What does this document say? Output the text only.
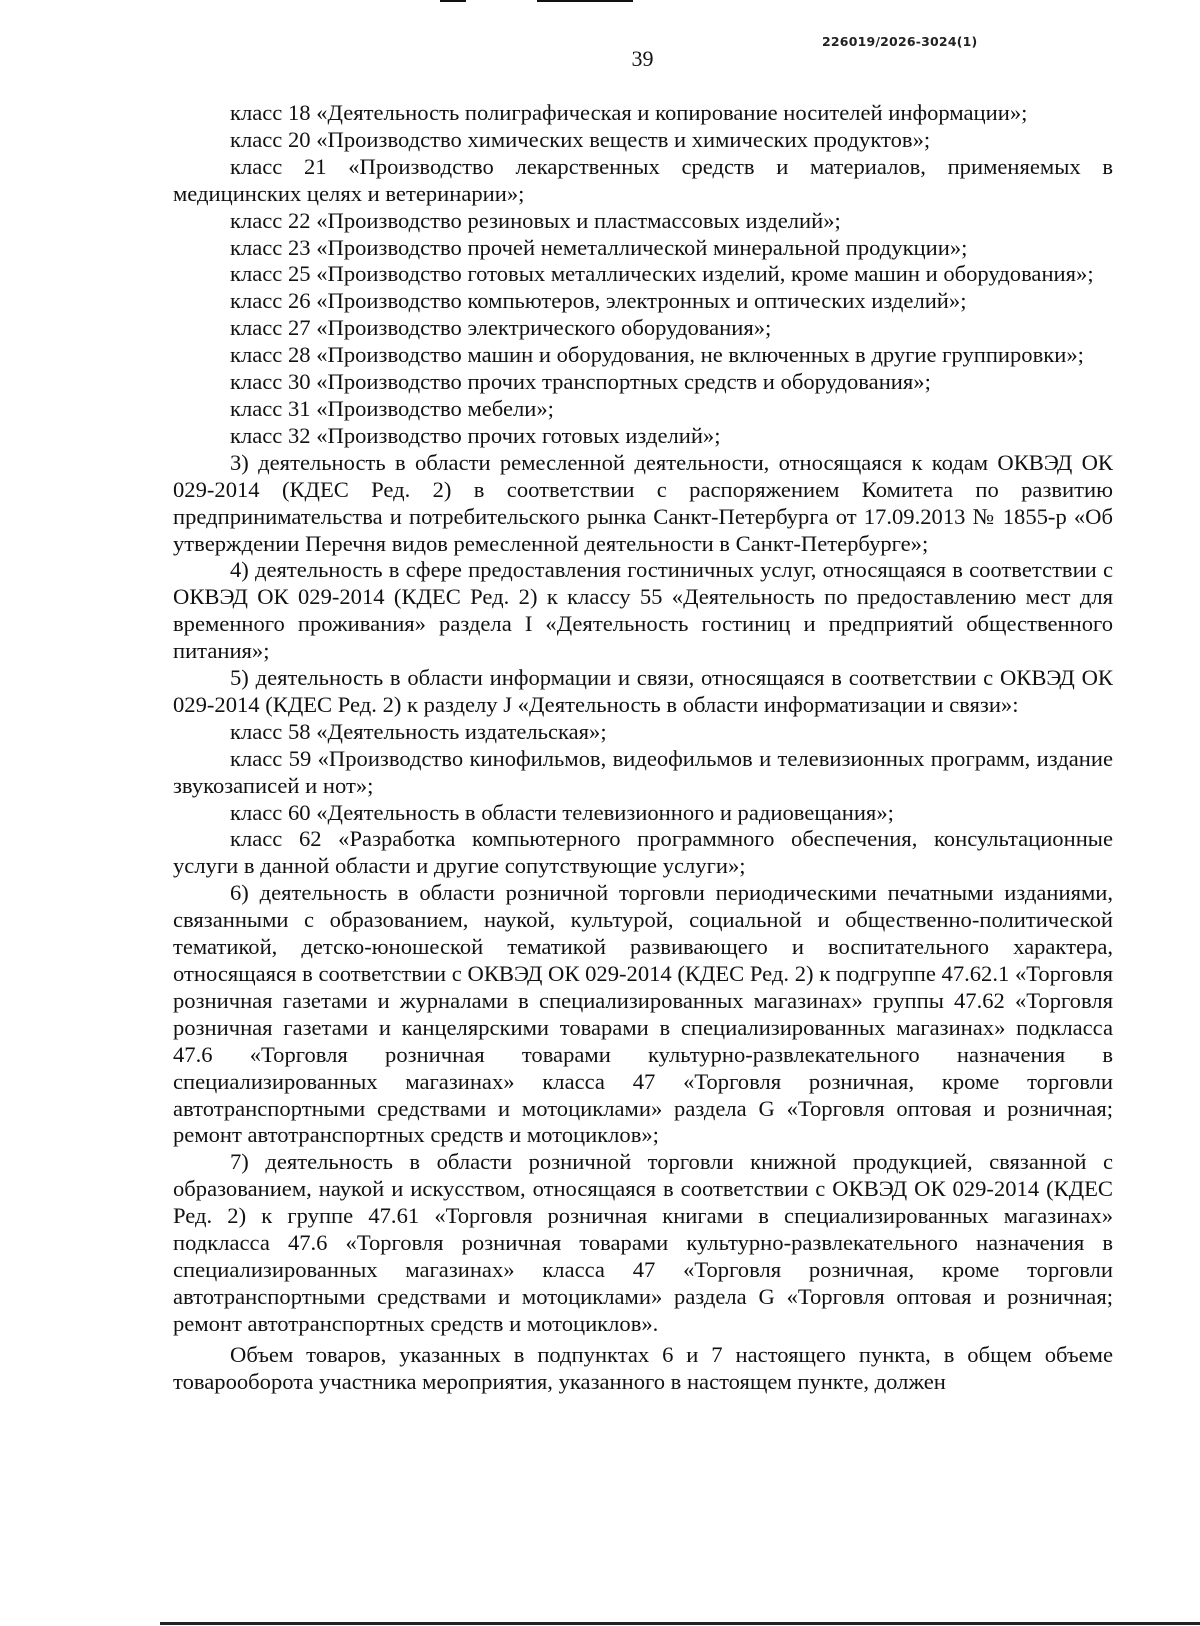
226019/2026-3024(1)
39

класс 18 «Деятельность полиграфическая и копирование носителей информации»;

класс 20 «Производство химических веществ и химических продуктов»;

класс 21 «Производство лекарственных средств и материалов, применяемых в медицинских целях и ветеринарии»;

класс 22 «Производство резиновых и пластмассовых изделий»;

класс 23 «Производство прочей неметаллической минеральной продукции»;

класс 25 «Производство готовых металлических изделий, кроме машин и оборудования»;

класс 26 «Производство компьютеров, электронных и оптических изделий»;

класс 27 «Производство электрического оборудования»;

класс 28 «Производство машин и оборудования, не включенных в другие группировки»;

класс 30 «Производство прочих транспортных средств и оборудования»;

класс 31 «Производство мебели»;

класс 32 «Производство прочих готовых изделий»;

3) деятельность в области ремесленной деятельности, относящаяся к кодам ОКВЭД ОК 029-2014 (КДЕС Ред. 2) в соответствии с распоряжением Комитета по развитию предпринимательства и потребительского рынка Санкт-Петербурга от 17.09.2013 № 1855-р «Об утверждении Перечня видов ремесленной деятельности в Санкт-Петербурге»;

4) деятельность в сфере предоставления гостиничных услуг, относящаяся в соответствии с ОКВЭД ОК 029-2014 (КДЕС Ред. 2) к классу 55 «Деятельность по предоставлению мест для временного проживания» раздела I «Деятельность гостиниц и предприятий общественного питания»;

5) деятельность в области информации и связи, относящаяся в соответствии с ОКВЭД ОК 029-2014 (КДЕС Ред. 2) к разделу J «Деятельность в области информатизации и связи»:

класс 58 «Деятельность издательская»;

класс 59 «Производство кинофильмов, видеофильмов и телевизионных программ, издание звукозаписей и нот»;

класс 60 «Деятельность в области телевизионного и радиовещания»;

класс 62 «Разработка компьютерного программного обеспечения, консультационные услуги в данной области и другие сопутствующие услуги»;

6) деятельность в области розничной торговли периодическими печатными изданиями, связанными с образованием, наукой, культурой, социальной и общественно-политической тематикой, детско-юношеской тематикой развивающего и воспитательного характера, относящаяся в соответствии с ОКВЭД ОК 029-2014 (КДЕС Ред. 2) к подгруппе 47.62.1 «Торговля розничная газетами и журналами в специализированных магазинах» группы 47.62 «Торговля розничная газетами и канцелярскими товарами в специализированных магазинах» подкласса 47.6 «Торговля розничная товарами культурно-развлекательного назначения в специализированных магазинах» класса 47 «Торговля розничная, кроме торговли автотранспортными средствами и мотоциклами» раздела G «Торговля оптовая и розничная; ремонт автотранспортных средств и мотоциклов»;

7) деятельность в области розничной торговли книжной продукцией, связанной с образованием, наукой и искусством, относящаяся в соответствии с ОКВЭД ОК 029-2014 (КДЕС Ред. 2) к группе 47.61 «Торговля розничная книгами в специализированных магазинах» подкласса 47.6 «Торговля розничная товарами культурно-развлекательного назначения в специализированных магазинах» класса 47 «Торговля розничная, кроме торговли автотранспортными средствами и мотоциклами» раздела G «Торговля оптовая и розничная; ремонт автотранспортных средств и мотоциклов».

Объем товаров, указанных в подпунктах 6 и 7 настоящего пункта, в общем объеме товарооборота участника мероприятия, указанного в настоящем пункте, должен
